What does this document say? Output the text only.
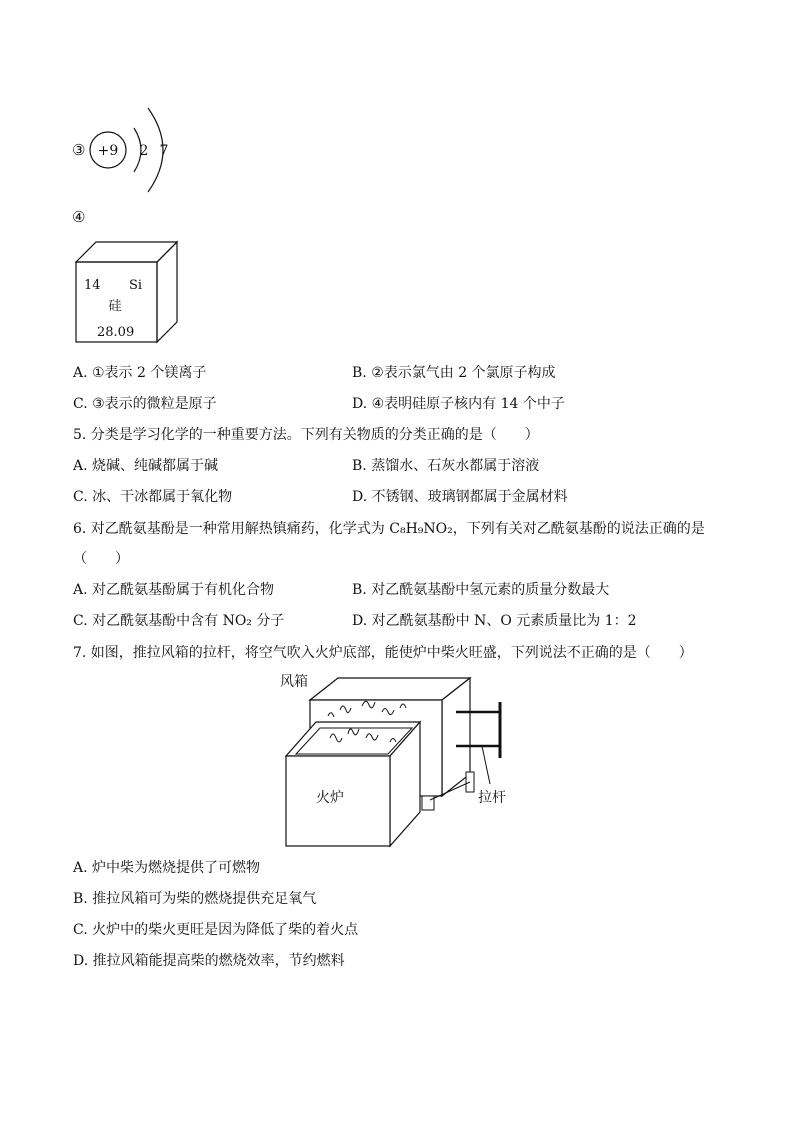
③ +9 2 7
④
14 Si
硅
28.09
A. ①表示 2 个镁离子	B. ②表示氯气由 2 个氯原子构成
C. ③表示的微粒是原子	D. ④表明硅原子核内有 14 个中子
5. 分类是学习化学的一种重要方法。下列有关物质的分类正确的是（　　）
A. 烧碱、纯碱都属于碱	B. 蒸馏水、石灰水都属于溶液
C. 冰、干冰都属于氧化物	D. 不锈钢、玻璃钢都属于金属材料
6. 对乙酰氨基酚是一种常用解热镇痛药，化学式为 C₈H₉NO₂，下列有关对乙酰氨基酚的说法正确的是
（　　）
A. 对乙酰氨基酚属于有机化合物	B. 对乙酰氨基酚中氢元素的质量分数最大
C. 对乙酰氨基酚中含有 NO₂ 分子	D. 对乙酰氨基酚中 N、O 元素质量比为 1：2
7. 如图，推拉风箱的拉杆，将空气吹入火炉底部，能使炉中柴火旺盛，下列说法不正确的是（　　）
风箱
火炉	拉杆
A. 炉中柴为燃烧提供了可燃物
B. 推拉风箱可为柴的燃烧提供充足氧气
C. 火炉中的柴火更旺是因为降低了柴的着火点
D. 推拉风箱能提高柴的燃烧效率，节约燃料
